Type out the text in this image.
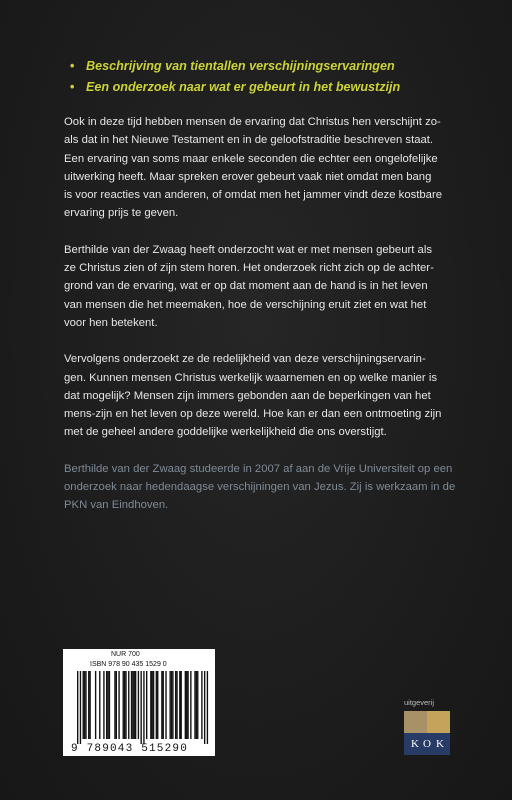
• Beschrijving van tientallen verschijningservaringen
• Een onderzoek naar wat er gebeurt in het bewustzijn

Ook in deze tijd hebben mensen de ervaring dat Christus hen verschijnt zo-
als dat in het Nieuwe Testament en in de geloofstraditie beschreven staat.
Een ervaring van soms maar enkele seconden die echter een ongelofelijke
uitwerking heeft. Maar spreken erover gebeurt vaak niet omdat men bang
is voor reacties van anderen, of omdat men het jammer vindt deze kostbare
ervaring prijs te geven.

Berthilde van der Zwaag heeft onderzocht wat er met mensen gebeurt als
ze Christus zien of zijn stem horen. Het onderzoek richt zich op de achter-
grond van de ervaring, wat er op dat moment aan de hand is in het leven
van mensen die het meemaken, hoe de verschijning eruit ziet en wat het
voor hen betekent.

Vervolgens onderzoekt ze de redelijkheid van deze verschijningservarin-
gen. Kunnen mensen Christus werkelijk waarnemen en op welke manier is
dat mogelijk? Mensen zijn immers gebonden aan de beperkingen van het
mens-zijn en het leven op deze wereld. Hoe kan er dan een ontmoeting zijn
met de geheel andere goddelijke werkelijkheid die ons overstijgt.

Berthilde van der Zwaag studeerde in 2007 af aan de Vrije Universiteit op een
onderzoek naar hedendaagse verschijningen van Jezus. Zij is werkzaam in de
PKN van Eindhoven.

NUR 700
ISBN 978 90 435 1529 0
9 789043 515290
uitgeverij
K O K
